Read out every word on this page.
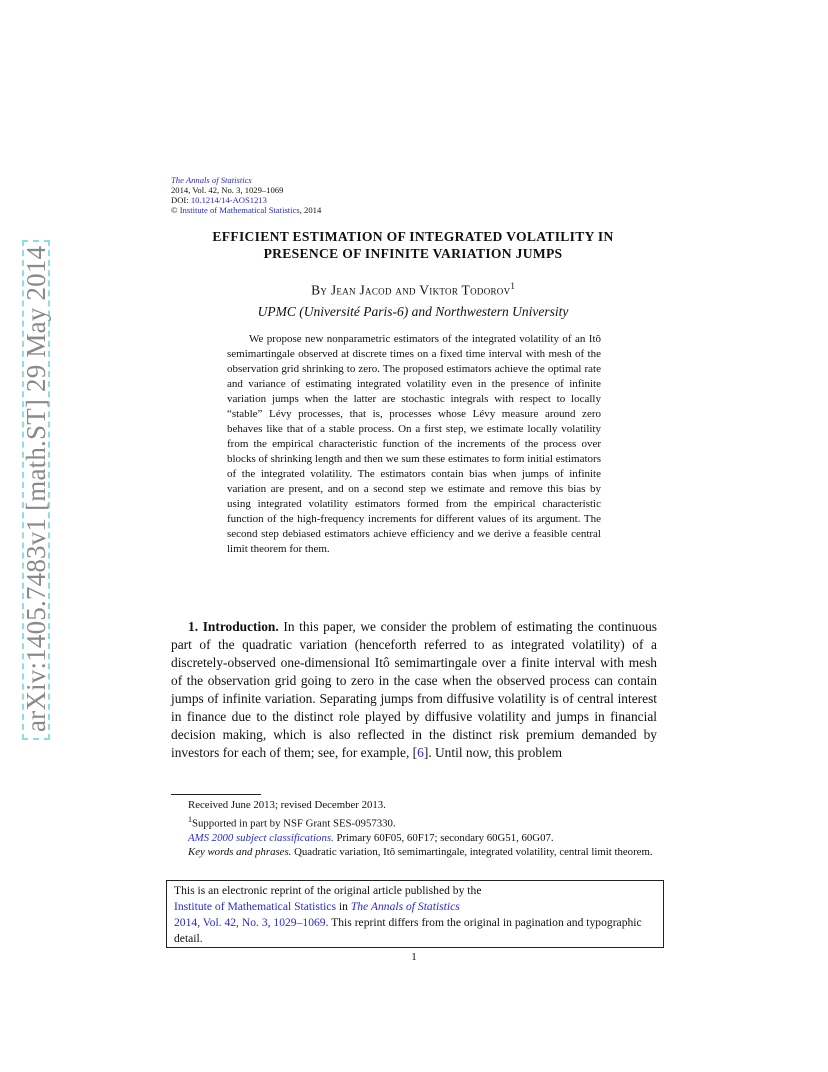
arXiv:1405.7483v1 [math.ST] 29 May 2014
The Annals of Statistics
2014, Vol. 42, No. 3, 1029–1069
DOI: 10.1214/14-AOS1213
© Institute of Mathematical Statistics, 2014
EFFICIENT ESTIMATION OF INTEGRATED VOLATILITY IN
PRESENCE OF INFINITE VARIATION JUMPS
By Jean Jacod and Viktor Todorov$^1$
UPMC (Université Paris-6) and Northwestern University
We propose new nonparametric estimators of the integrated volatility of an Itô semimartingale observed at discrete times on a fixed time interval with mesh of the observation grid shrinking to zero. The proposed estimators achieve the optimal rate and variance of estimating integrated volatility even in the presence of infinite variation jumps when the latter are stochastic integrals with respect to locally “stable” Lévy processes, that is, processes whose Lévy measure around zero behaves like that of a stable process. On a first step, we estimate locally volatility from the empirical characteristic function of the increments of the process over blocks of shrinking length and then we sum these estimates to form initial estimators of the integrated volatility. The estimators contain bias when jumps of infinite variation are present, and on a second step we estimate and remove this bias by using integrated volatility estimators formed from the empirical characteristic function of the high-frequency increments for different values of its argument. The second step debiased estimators achieve efficiency and we derive a feasible central limit theorem for them.
1. Introduction. In this paper, we consider the problem of estimating the continuous part of the quadratic variation (henceforth referred to as integrated volatility) of a discretely-observed one-dimensional Itô semimartingale over a finite interval with mesh of the observation grid going to zero in the case when the observed process can contain jumps of infinite variation. Separating jumps from diffusive volatility is of central interest in finance due to the distinct role played by diffusive volatility and jumps in financial decision making, which is also reflected in the distinct risk premium demanded by investors for each of them; see, for example, [6]. Until now, this problem

Received June 2013; revised December 2013.

$^1$Supported in part by NSF Grant SES-0957330.

AMS 2000 subject classifications. Primary 60F05, 60F17; secondary 60G51, 60G07.

Key words and phrases. Quadratic variation, Itô semimartingale, integrated volatility, central limit theorem.

This is an electronic reprint of the original article published by the
Institute of Mathematical Statistics in The Annals of Statistics
2014, Vol. 42, No. 3, 1029–1069. This reprint differs from the original in pagination and typographic detail.
1
